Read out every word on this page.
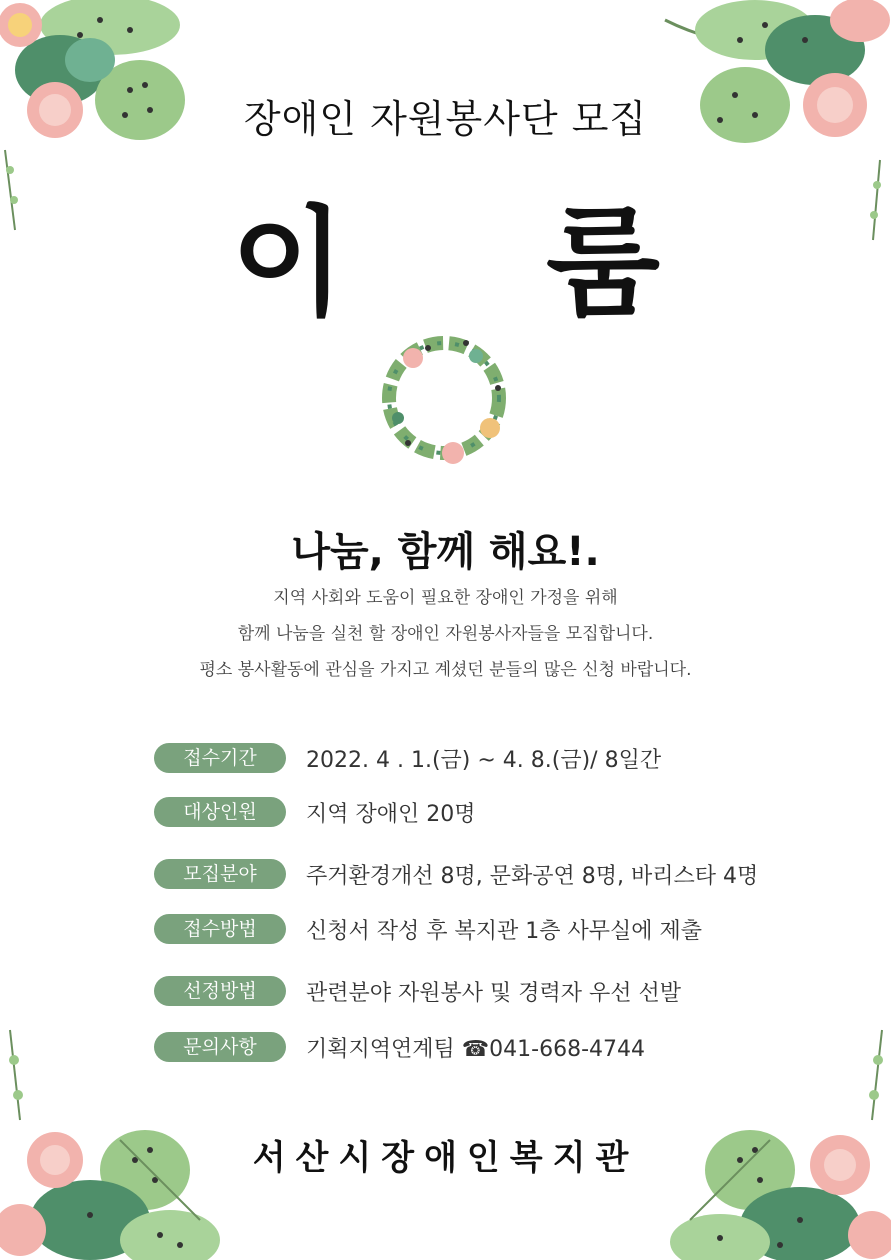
장애인 자원봉사단 모집
이 룸
나눔, 함께 해요!.
지역 사회와 도움이 필요한 장애인 가정을 위해
함께 나눔을 실천 할 장애인 자원봉사자들을 모집합니다.
평소 봉사활동에 관심을 가지고 계셨던 분들의 많은 신청 바랍니다.
접수기간	2022. 4 . 1.(금) ~ 4. 8.(금)/ 8일간
대상인원	지역 장애인 20명
모집분야	주거환경개선 8명, 문화공연 8명, 바리스타 4명
접수방법	신청서 작성 후 복지관 1층 사무실에 제출
선정방법	관련분야 자원봉사 및 경력자 우선 선발
문의사항	기획지역연계팀 ☎041-668-4744
서산시장애인복지관
